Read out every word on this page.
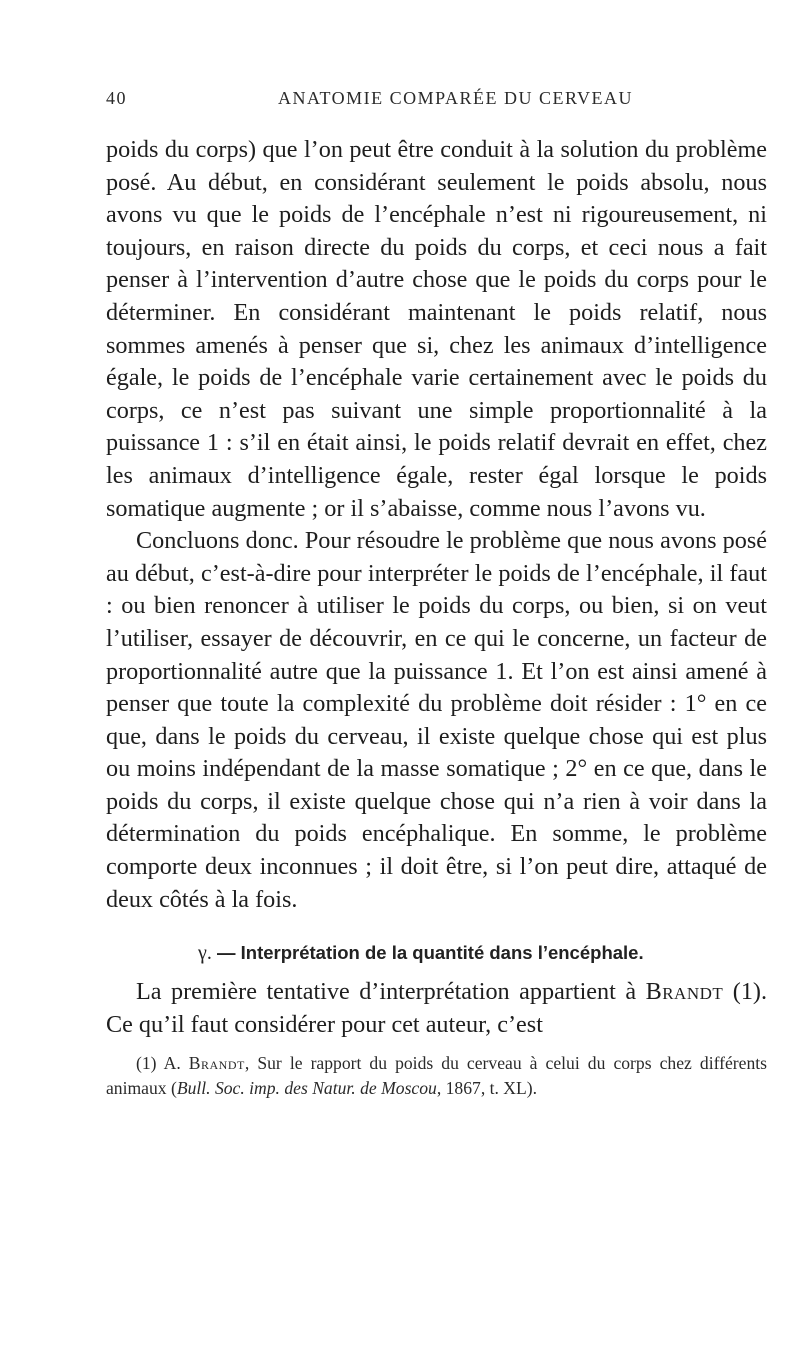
40	ANATOMIE COMPARÉE DU CERVEAU

poids du corps) que l’on peut être conduit à la solution du problème posé. Au début, en considérant seulement le poids absolu, nous avons vu que le poids de l’encéphale n’est ni rigoureusement, ni toujours, en raison directe du poids du corps, et ceci nous a fait penser à l’intervention d’autre chose que le poids du corps pour le déterminer. En considérant maintenant le poids relatif, nous sommes amenés à penser que si, chez les animaux d’intelligence égale, le poids de l’encéphale varie certainement avec le poids du corps, ce n’est pas suivant une simple proportionnalité à la puissance 1 : s’il en était ainsi, le poids relatif devrait en effet, chez les animaux d’intelligence égale, rester égal lorsque le poids somatique augmente ; or il s’abaisse, comme nous l’avons vu.

Concluons donc. Pour résoudre le problème que nous avons posé au début, c’est-à-dire pour interpréter le poids de l’encéphale, il faut : ou bien renoncer à utiliser le poids du corps, ou bien, si on veut l’utiliser, essayer de découvrir, en ce qui le concerne, un facteur de proportionnalité autre que la puissance 1. Et l’on est ainsi amené à penser que toute la complexité du problème doit résider : 1° en ce que, dans le poids du cerveau, il existe quelque chose qui est plus ou moins indépendant de la masse somatique ; 2° en ce que, dans le poids du corps, il existe quelque chose qui n’a rien à voir dans la détermination du poids encéphalique. En somme, le problème comporte deux inconnues ; il doit être, si l’on peut dire, attaqué de deux côtés à la fois.

γ. — Interprétation de la quantité dans l’encéphale.

La première tentative d’interprétation appartient à Brandt (1). Ce qu’il faut considérer pour cet auteur, c’est

(1) A. Brandt, Sur le rapport du poids du cerveau à celui du corps chez différents animaux (Bull. Soc. imp. des Natur. de Moscou, 1867, t. XL).
